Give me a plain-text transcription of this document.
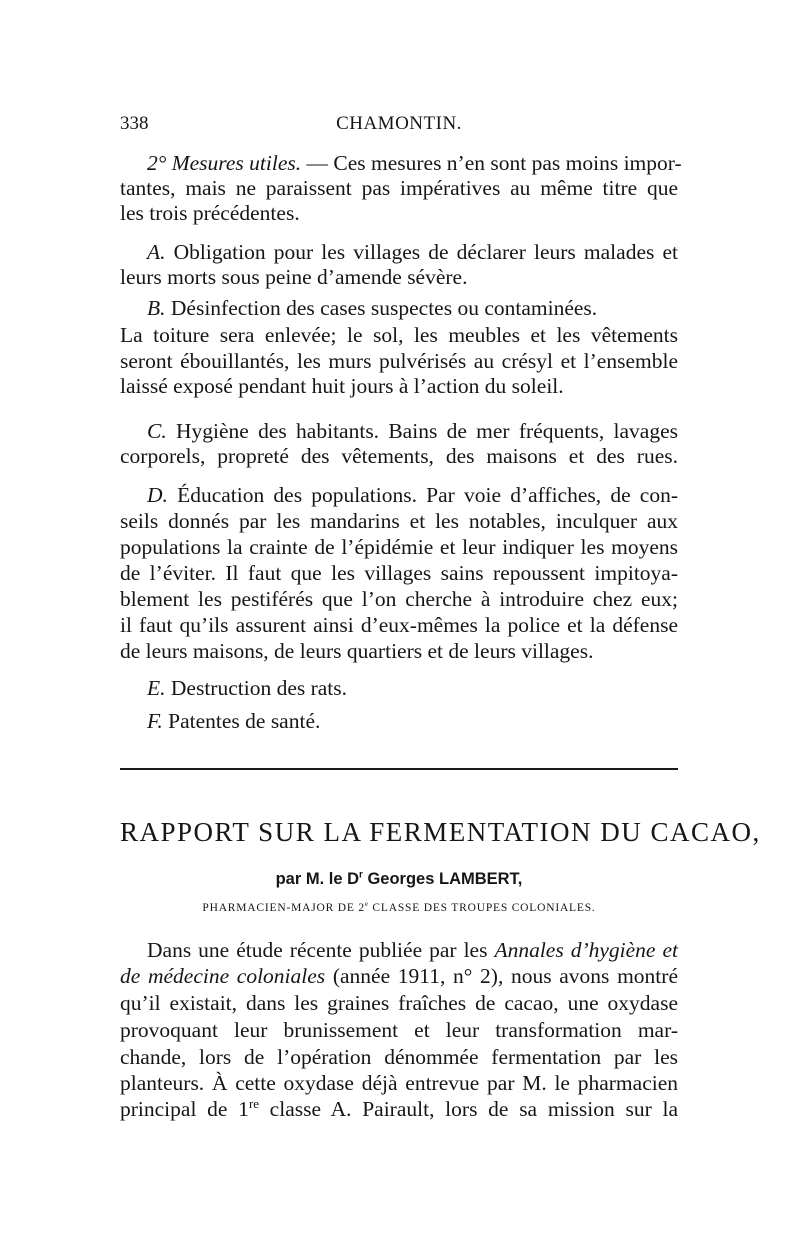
338	CHAMONTIN.
2° Mesures utiles. — Ces mesures n’en sont pas moins impor-
tantes, mais ne paraissent pas impératives au même titre que
les trois précédentes.
A. Obligation pour les villages de déclarer leurs malades et
leurs morts sous peine d’amende sévère.
B. Désinfection des cases suspectes ou contaminées.
La toiture sera enlevée; le sol, les meubles et les vêtements
seront ébouillantés, les murs pulvérisés au crésyl et l’ensemble
laissé exposé pendant huit jours à l’action du soleil.
C. Hygiène des habitants. Bains de mer fréquents, lavages
corporels, propreté des vêtements, des maisons et des rues.
D. Éducation des populations. Par voie d’affiches, de con-
seils donnés par les mandarins et les notables, inculquer aux
populations la crainte de l’épidémie et leur indiquer les moyens
de l’éviter. Il faut que les villages sains repoussent impitoya-
blement les pestiférés que l’on cherche à introduire chez eux;
il faut qu’ils assurent ainsi d’eux-mêmes la police et la défense
de leurs maisons, de leurs quartiers et de leurs villages.
E. Destruction des rats.
F. Patentes de santé.
RAPPORT SUR LA FERMENTATION DU CACAO,
par M. le $D^r$ Georges LAMBERT,
PHARMACIEN-MAJOR DE 2e CLASSE DES TROUPES COLONIALES.
Dans une étude récente publiée par les Annales d’hygiène et
de médecine coloniales (année 1911, n° 2), nous avons montré
qu’il existait, dans les graines fraîches de cacao, une oxydase
provoquant leur brunissement et leur transformation mar-
chande, lors de l’opération dénommée fermentation par les
planteurs. À cette oxydase déjà entrevue par M. le pharmacien
principal de 1re classe A. Pairault, lors de sa mission sur la
